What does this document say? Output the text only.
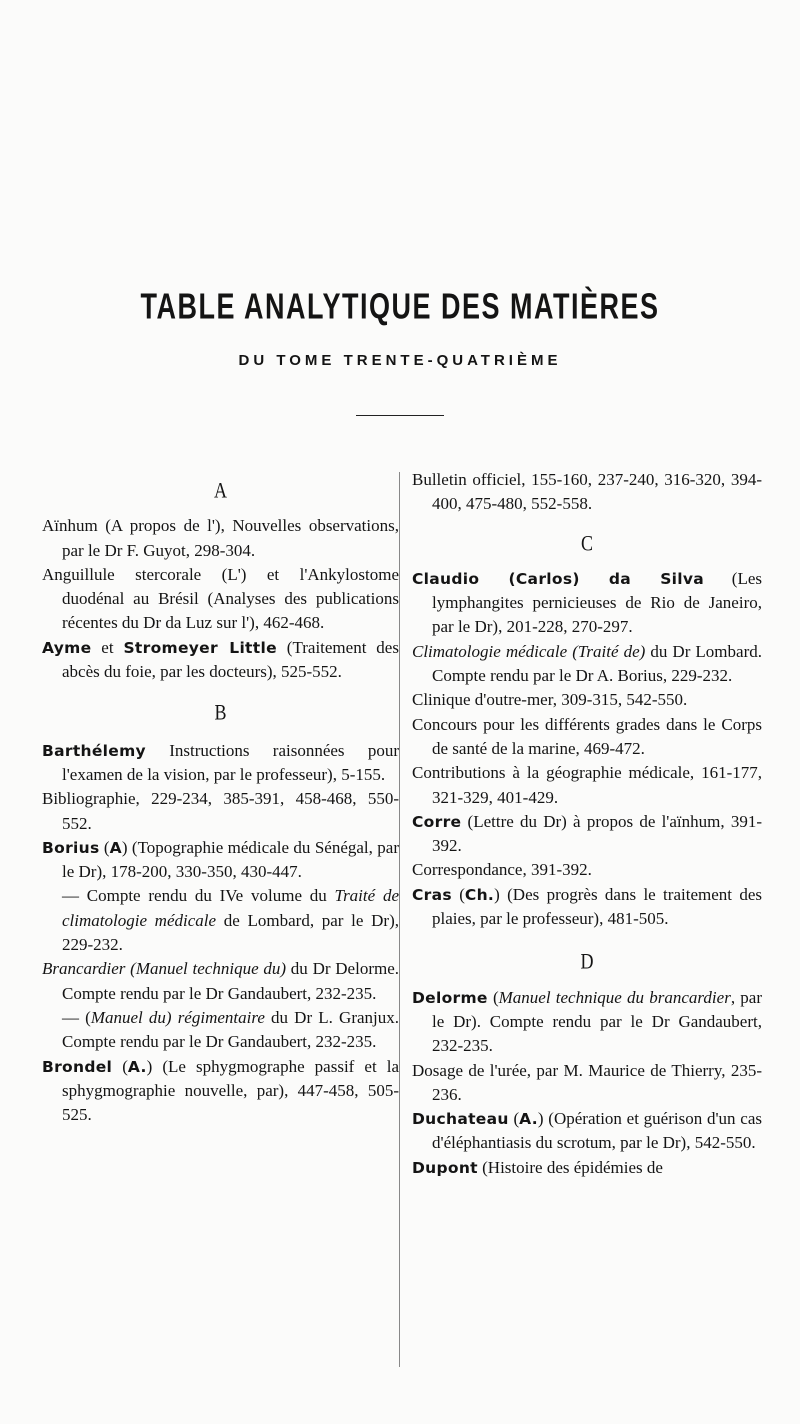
TABLE ANALYTIQUE DES MATIÈRES
DU TOME TRENTE-QUATRIÈME
A

Aïnhum (A propos de l'), Nouvelles observations, par le Dr F. Guyot, 298-304.

Anguillule stercorale (L') et l'Ankylostome duodénal au Brésil (Analyses des publications récentes du Dr da Luz sur l'), 462-468.

Ayme et Stromeyer Little (Traitement des abcès du foie, par les docteurs), 525-552.

B

Barthélemy Instructions raisonnées pour l'examen de la vision, par le professeur), 5-155.

Bibliographie, 229-234, 385-391, 458-468, 550-552.

Borius (A) (Topographie médicale du Sénégal, par le Dr), 178-200, 330-350, 430-447.

— Compte rendu du IVe volume du Traité de climatologie médicale de Lombard, par le Dr), 229-232.

Brancardier (Manuel technique du) du Dr Delorme. Compte rendu par le Dr Gandaubert, 232-235.

— (Manuel du) régimentaire du Dr L. Granjux. Compte rendu par le Dr Gandaubert, 232-235.

Brondel (A.) (Le sphygmographe passif et la sphygmographie nouvelle, par), 447-458, 505-525.

Bulletin officiel, 155-160, 237-240, 316-320, 394-400, 475-480, 552-558.

C

Claudio (Carlos) da Silva (Les lymphangites pernicieuses de Rio de Janeiro, par le Dr), 201-228, 270-297.

Climatologie médicale (Traité de) du Dr Lombard. Compte rendu par le Dr A. Borius, 229-232.

Clinique d'outre-mer, 309-315, 542-550.

Concours pour les différents grades dans le Corps de santé de la marine, 469-472.

Contributions à la géographie médicale, 161-177, 321-329, 401-429.

Corre (Lettre du Dr) à propos de l'aïnhum, 391-392.

Correspondance, 391-392.

Cras (Ch.) (Des progrès dans le traitement des plaies, par le professeur), 481-505.

D

Delorme (Manuel technique du brancardier, par le Dr). Compte rendu par le Dr Gandaubert, 232-235.

Dosage de l'urée, par M. Maurice de Thierry, 235-236.

Duchateau (A.) (Opération et guérison d'un cas d'éléphantiasis du scrotum, par le Dr), 542-550.

Dupont (Histoire des épidémies de
